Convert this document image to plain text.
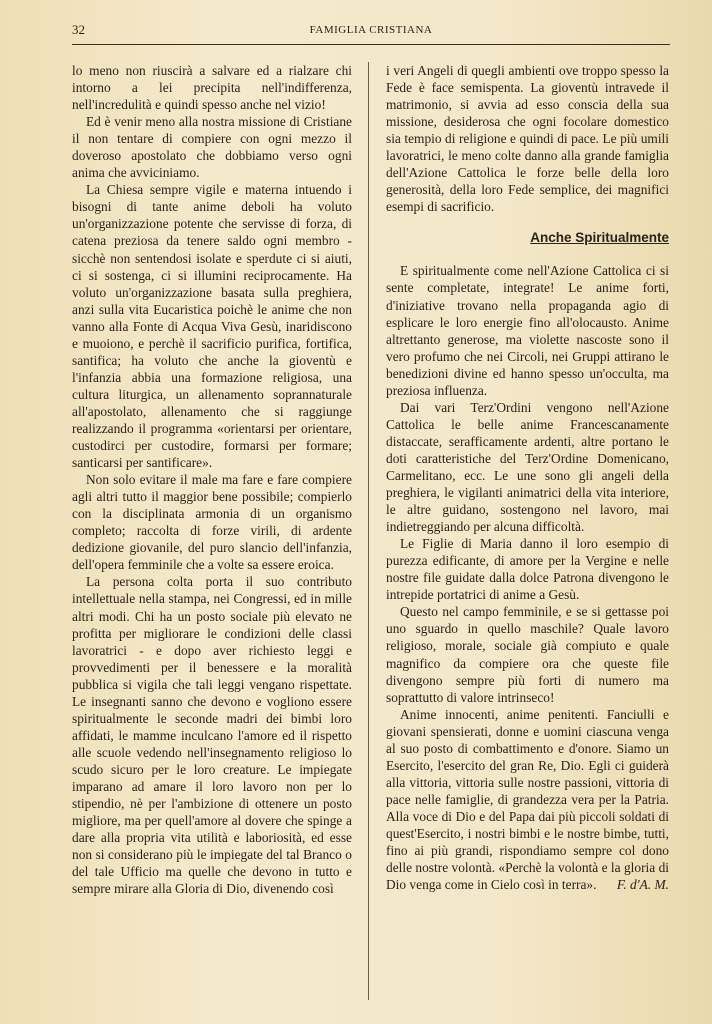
32	FAMIGLIA CRISTIANA

lo meno non riuscirà a salvare ed a rialzare chi intorno a lei precipita nell'indifferenza, nell'incredulità e quindi spesso anche nel vizio!

Ed è venir meno alla nostra missione di Cristiane il non tentare di compiere con ogni mezzo il doveroso apostolato che dobbiamo verso ogni anima che avviciniamo.

La Chiesa sempre vigile e materna intuendo i bisogni di tante anime deboli ha voluto un'organizzazione potente che servisse di forza, di catena preziosa da tenere saldo ogni membro - sicchè non sentendosi isolate e sperdute ci si aiuti, ci si sostenga, ci si illumini reciprocamente. Ha voluto un'organizzazione basata sulla preghiera, anzi sulla vita Eucaristica poichè le anime che non vanno alla Fonte di Acqua Viva Gesù, inaridiscono e muoiono, e perchè il sacrificio purifica, fortifica, santifica; ha voluto che anche la gioventù e l'infanzia abbia una formazione religiosa, una cultura liturgica, un allenamento soprannaturale all'apostolato, allenamento che si raggiunge realizzando il programma «orientarsi per orientare, custodirci per custodire, formarsi per formare; santicarsi per santificare».

Non solo evitare il male ma fare e fare compiere agli altri tutto il maggior bene possibile; compierlo con la disciplinata armonia di un organismo completo; raccolta di forze virili, di ardente dedizione giovanile, del puro slancio dell'infanzia, dell'opera femminile che a volte sa essere eroica.

La persona colta porta il suo contributo intellettuale nella stampa, nei Congressi, ed in mille altri modi. Chi ha un posto sociale più elevato ne profitta per migliorare le condizioni delle classi lavoratrici - e dopo aver richiesto leggi e provvedimenti per il benessere e la moralità pubblica si vigila che tali leggi vengano rispettate. Le insegnanti sanno che devono e vogliono essere spiritualmente le seconde madri dei bimbi loro affidati, le mamme inculcano l'amore ed il rispetto alle scuole vedendo nell'insegnamento religioso lo scudo sicuro per le loro creature. Le impiegate imparano ad amare il loro lavoro non per lo stipendio, nè per l'ambizione di ottenere un posto migliore, ma per quell'amore al dovere che spinge a dare alla propria vita utilità e laboriosità, ed esse non si considerano più le impiegate del tal Branco o del tale Ufficio ma quelle che devono in tutto e sempre mirare alla Gloria di Dio, divenendo così

i veri Angeli di quegli ambienti ove troppo spesso la Fede è face semispenta. La gioventù intravede il matrimonio, si avvia ad esso conscia della sua missione, desiderosa che ogni focolare domestico sia tempio di religione e quindi di pace. Le più umili lavoratrici, le meno colte danno alla grande famiglia dell'Azione Cattolica le forze belle della loro generosità, della loro Fede semplice, dei magnifici esempi di sacrificio.

Anche Spiritualmente

E spiritualmente come nell'Azione Cattolica ci si sente completate, integrate! Le anime forti, d'iniziative trovano nella propaganda agio di esplicare le loro energie fino all'olocausto. Anime altrettanto generose, ma violette nascoste sono il vero profumo che nei Circoli, nei Gruppi attirano le benedizioni divine ed hanno spesso un'occulta, ma preziosa influenza.

Dai vari Terz'Ordini vengono nell'Azione Cattolica le belle anime Francescanamente distaccate, serafficamente ardenti, altre portano le doti caratteristiche del Terz'Ordine Domenicano, Carmelitano, ecc. Le une sono gli angeli della preghiera, le vigilanti animatrici della vita interiore, le altre guidano, sostengono nel lavoro, mai indietreggiando per alcuna difficoltà.

Le Figlie di Maria danno il loro esempio di purezza edificante, di amore per la Vergine e nelle nostre file guidate dalla dolce Patrona divengono le intrepide portatrici di anime a Gesù.

Questo nel campo femminile, e se si gettasse poi uno sguardo in quello maschile? Quale lavoro religioso, morale, sociale già compiuto e quale magnifico da compiere ora che queste file divengono sempre più forti di numero ma soprattutto di valore intrinseco!

Anime innocenti, anime penitenti. Fanciulli e giovani spensierati, donne e uomini ciascuna venga al suo posto di combattimento e d'onore. Siamo un Esercito, l'esercito del gran Re, Dio. Egli ci guiderà alla vittoria, vittoria sulle nostre passioni, vittoria di pace nelle famiglie, di grandezza vera per la Patria. Alla voce di Dio e del Papa dai più piccoli soldati di quest'Esercito, i nostri bimbi e le nostre bimbe, tutti, fino ai più grandi, rispondiamo sempre col dono delle nostre volontà. «Perchè la volontà e la gloria di Dio venga come in Cielo così in terra».	F. d'A. M.
